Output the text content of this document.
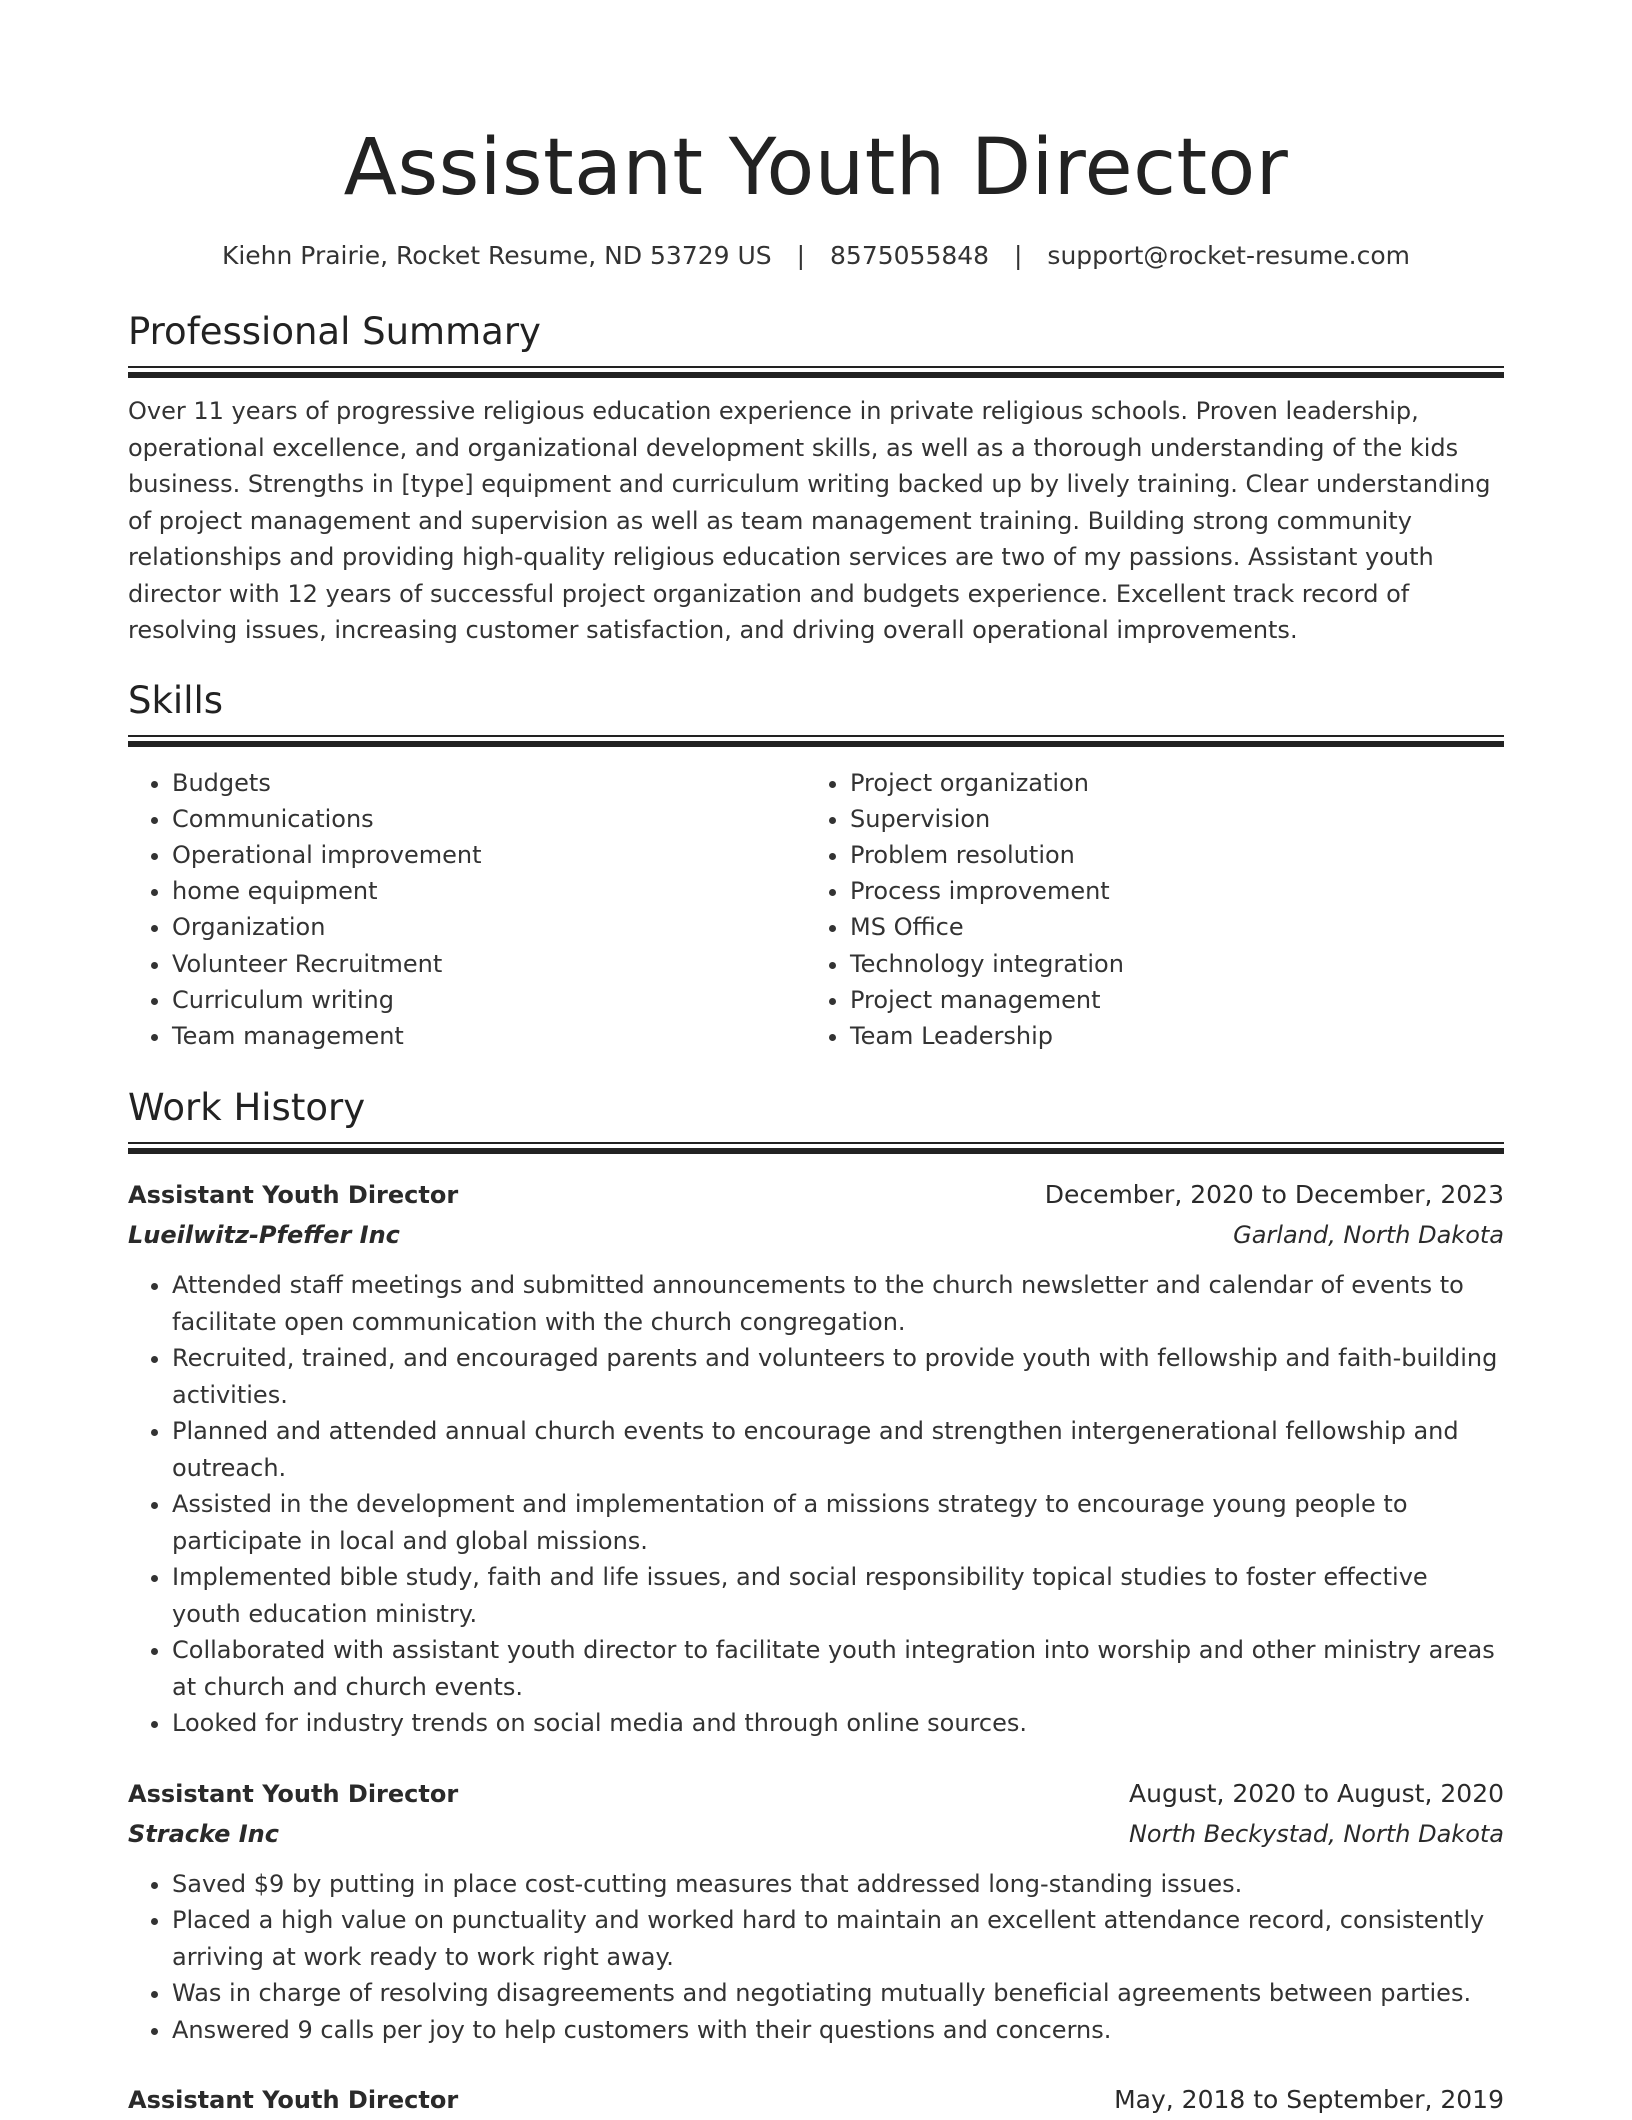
Assistant Youth Director
Kiehn Prairie, Rocket Resume, ND 53729 US | 8575055848 | support@rocket-resume.com
Professional Summary

Over 11 years of progressive religious education experience in private religious schools. Proven leadership, operational excellence, and organizational development skills, as well as a thorough understanding of the kids business. Strengths in [type] equipment and curriculum writing backed up by lively training. Clear understanding of project management and supervision as well as team management training. Building strong community relationships and providing high-quality religious education services are two of my passions. Assistant youth director with 12 years of successful project organization and budgets experience. Excellent track record of resolving issues, increasing customer satisfaction, and driving overall operational improvements.

Skills
• Budgets
• Communications
• Operational improvement
• home equipment
• Organization
• Volunteer Recruitment
• Curriculum writing
• Team management
• Project organization
• Supervision
• Problem resolution
• Process improvement
• MS Office
• Technology integration
• Project management
• Team Leadership
Work History
Assistant Youth Director	December, 2020 to December, 2023
Lueilwitz-Pfeffer Inc	Garland, North Dakota
• Attended staff meetings and submitted announcements to the church newsletter and calendar of events to facilitate open communication with the church congregation.
• Recruited, trained, and encouraged parents and volunteers to provide youth with fellowship and faith-building activities.
• Planned and attended annual church events to encourage and strengthen intergenerational fellowship and outreach.
• Assisted in the development and implementation of a missions strategy to encourage young people to participate in local and global missions.
• Implemented bible study, faith and life issues, and social responsibility topical studies to foster effective youth education ministry.
• Collaborated with assistant youth director to facilitate youth integration into worship and other ministry areas at church and church events.
• Looked for industry trends on social media and through online sources.
Assistant Youth Director	August, 2020 to August, 2020
Stracke Inc	North Beckystad, North Dakota
• Saved $9 by putting in place cost-cutting measures that addressed long-standing issues.
• Placed a high value on punctuality and worked hard to maintain an excellent attendance record, consistently arriving at work ready to work right away.
• Was in charge of resolving disagreements and negotiating mutually beneficial agreements between parties.
• Answered 9 calls per joy to help customers with their questions and concerns.
Assistant Youth Director	May, 2018 to September, 2019
